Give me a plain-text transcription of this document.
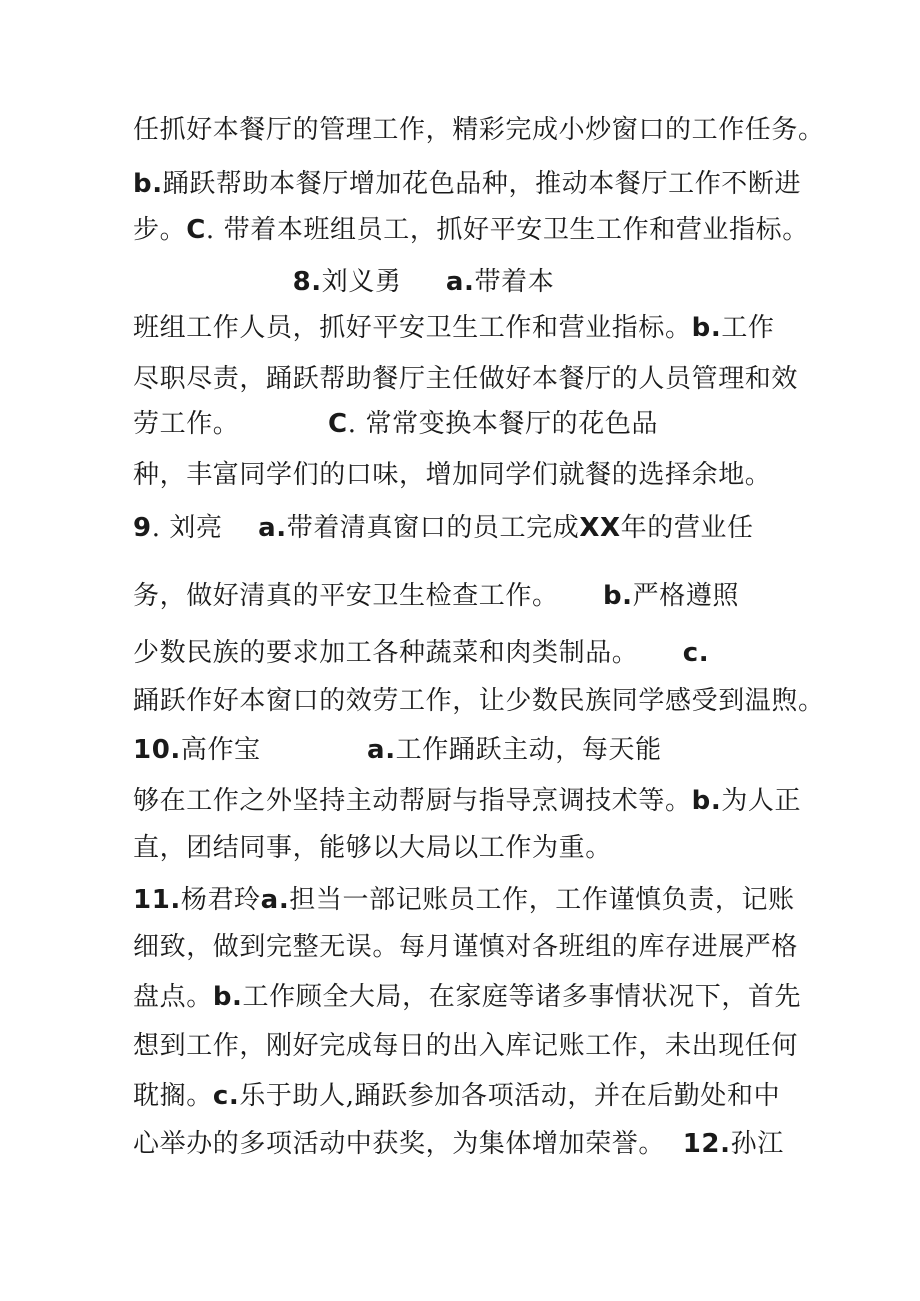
任抓好本餐厅的管理工作，精彩完成小炒窗口的工作任务。
b.踊跃帮助本餐厅增加花色品种，推动本餐厅工作不断进
步。C. 带着本班组员工，抓好平安卫生工作和营业指标。
8.刘义勇     a.带着本
班组工作人员，抓好平安卫生工作和营业指标。b.工作
尽职尽责，踊跃帮助餐厅主任做好本餐厅的人员管理和效
劳工作。          C. 常常变换本餐厅的花色品
种，丰富同学们的口味，增加同学们就餐的选择余地。
9. 刘亮    a.带着清真窗口的员工完成XX年的营业任
务，做好清真的平安卫生检查工作。     b.严格遵照
少数民族的要求加工各种蔬菜和肉类制品。     c.
踊跃作好本窗口的效劳工作，让少数民族同学感受到温煦。
10.高作宝            a.工作踊跃主动，每天能
够在工作之外坚持主动帮厨与指导烹调技术等。b.为人正
直，团结同事，能够以大局以工作为重。
11.杨君玲a.担当一部记账员工作，工作谨慎负责，记账
细致，做到完整无误。每月谨慎对各班组的库存进展严格
盘点。b.工作顾全大局，在家庭等诸多事情状况下，首先
想到工作，刚好完成每日的出入库记账工作，未出现任何
耽搁。c.乐于助人,踊跃参加各项活动，并在后勤处和中
心举办的多项活动中获奖，为集体增加荣誉。  12.孙江
